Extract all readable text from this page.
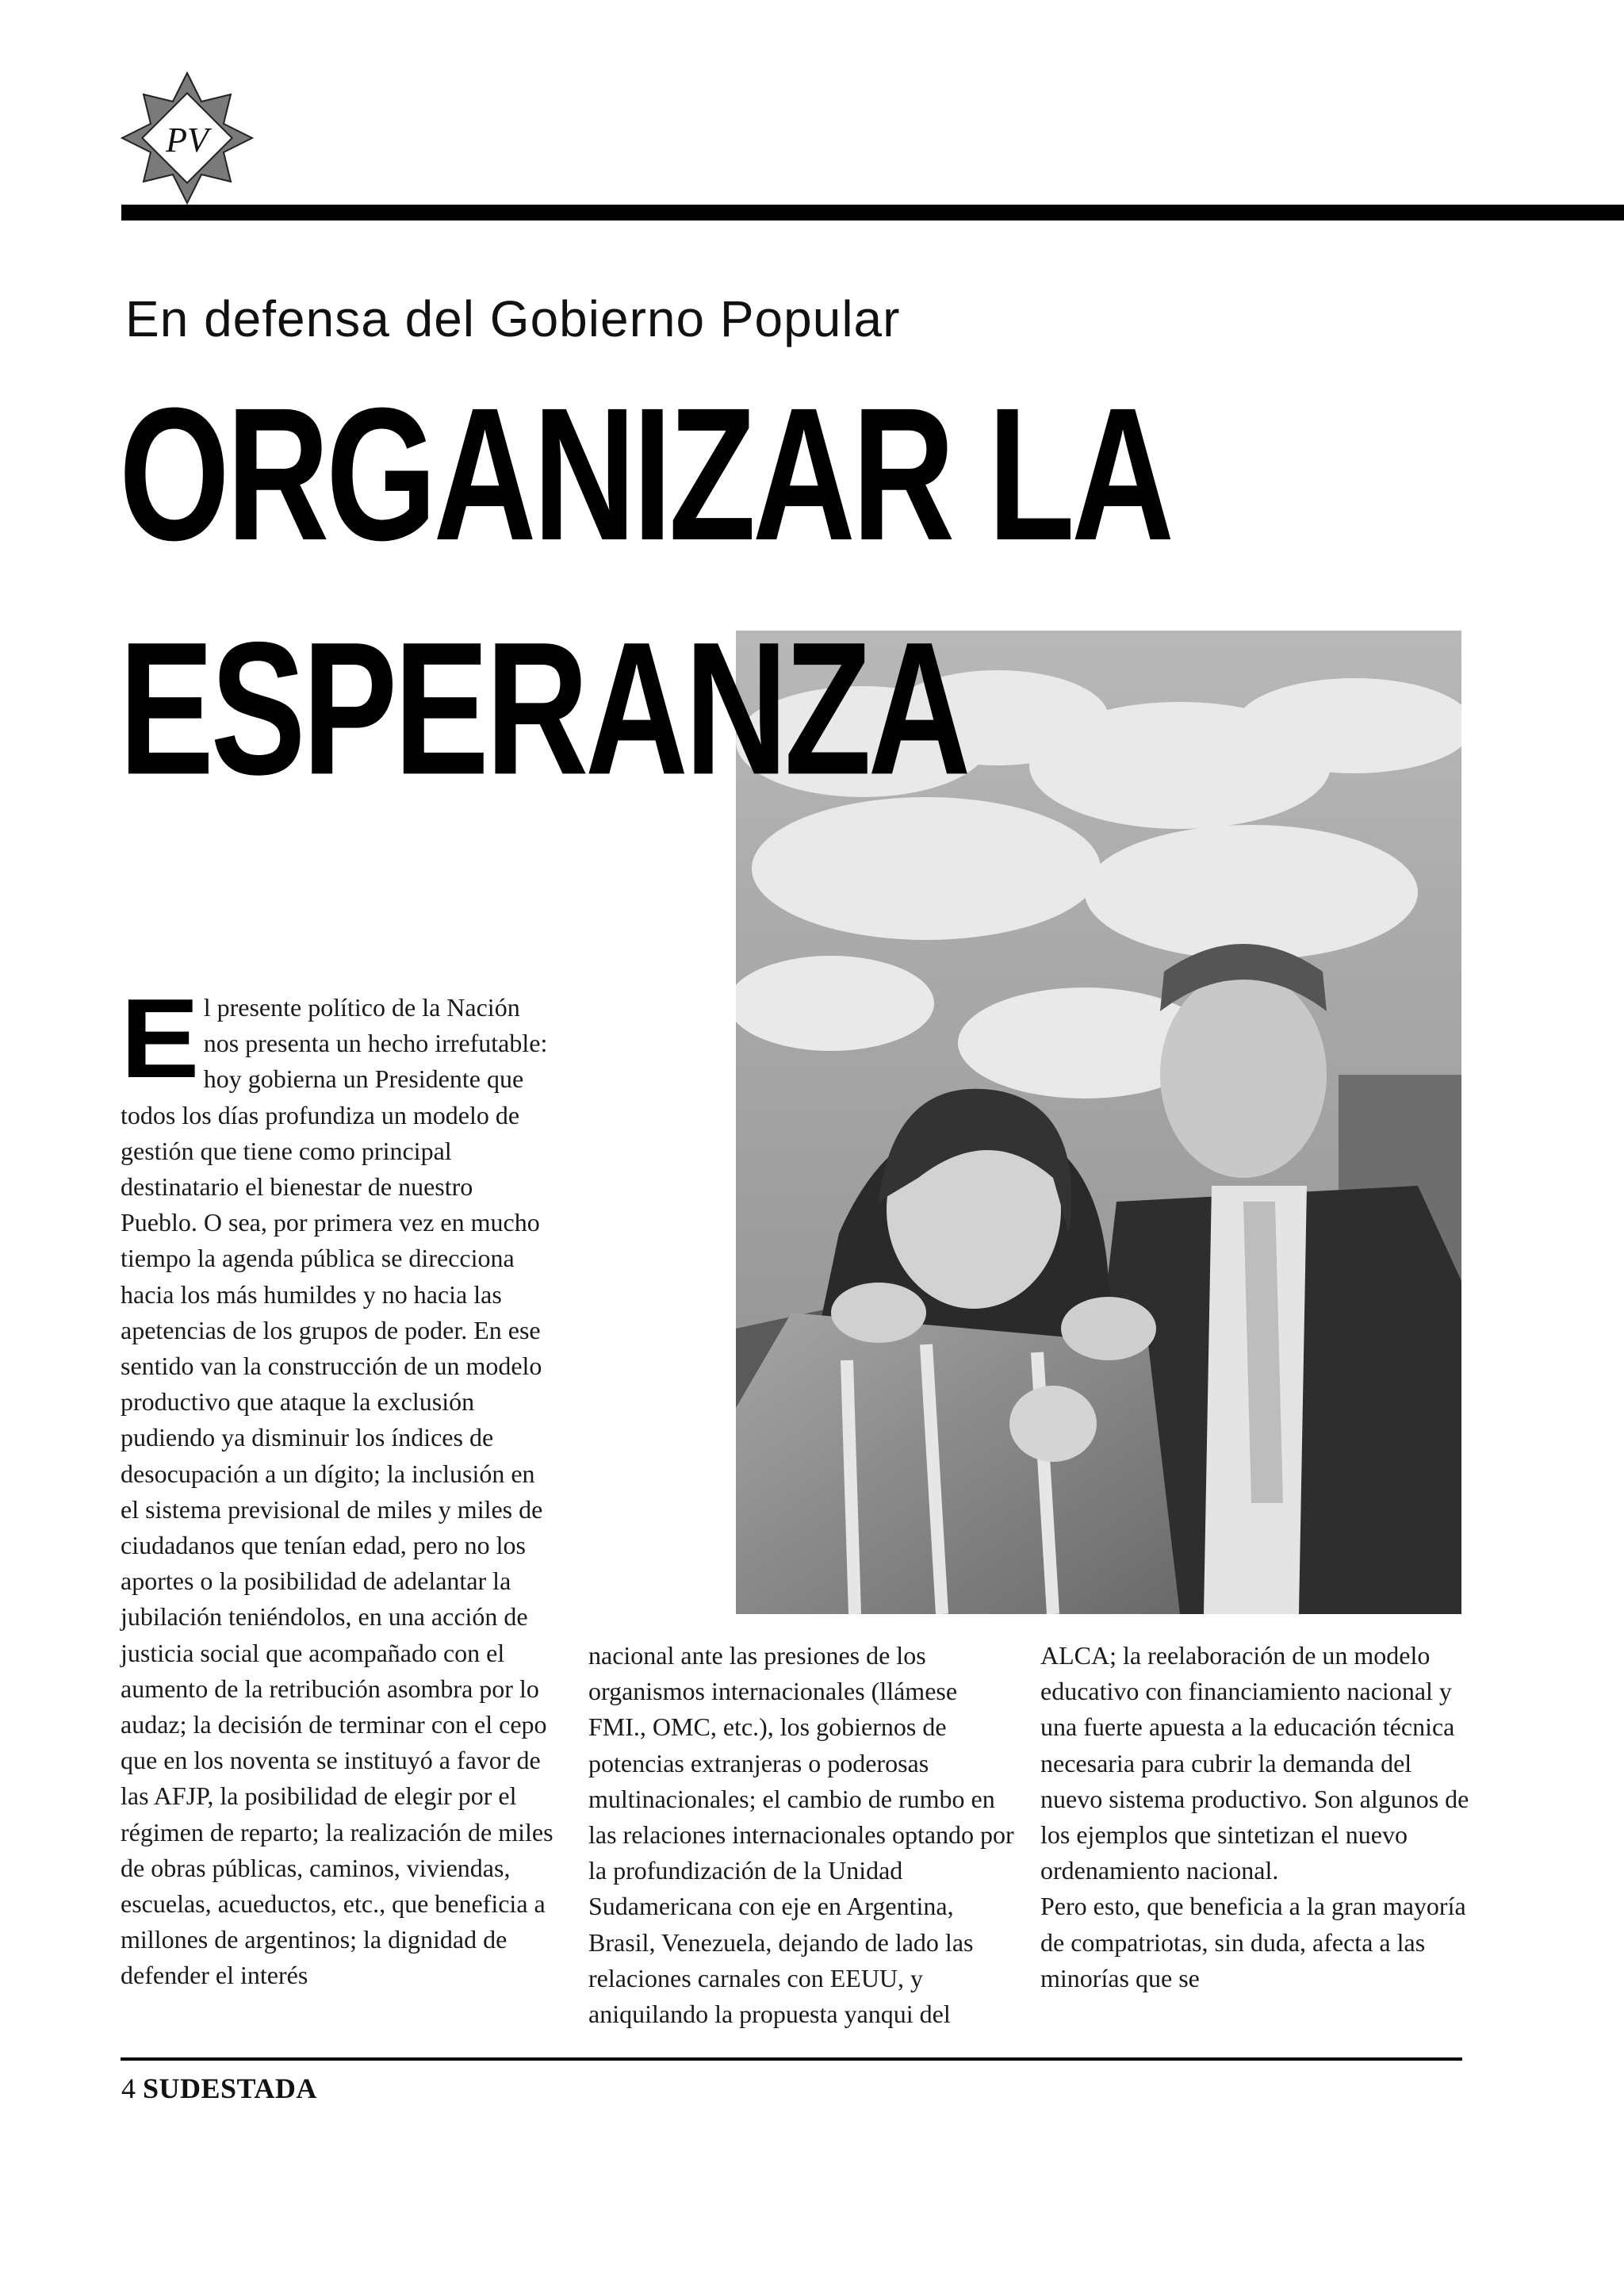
PV
En defensa del Gobierno Popular
ORGANIZAR LA
ESPERANZA

El presente político de la Nación nos presenta un hecho irrefutable: hoy gobierna un Presidente que todos los días profundiza un modelo de gestión que tiene como principal destinatario el bienestar de nuestro Pueblo. O sea, por primera vez en mucho tiempo la agenda pública se direcciona hacia los más humildes y no hacia las apetencias de los grupos de poder. En ese sentido van la construcción de un modelo productivo que ataque la exclusión pudiendo ya disminuir los índices de desocupación a un dígito; la inclusión en el sistema previsional de miles y miles de ciudadanos que tenían edad, pero no los aportes o la posibilidad de adelantar la jubilación teniéndolos, en una acción de justicia social que acompañado con el aumento de la retribución asombra por lo audaz; la decisión de terminar con el cepo que en los noventa se instituyó a favor de las AFJP, la posibilidad de elegir por el régimen de reparto; la realización de miles de obras públicas, caminos, viviendas, escuelas, acueductos, etc., que beneficia a millones de argentinos; la dignidad de defender el interés

nacional ante las presiones de los organismos internacionales (llámese FMI., OMC, etc.), los gobiernos de potencias extranjeras o poderosas multinacionales; el cambio de rumbo en las relaciones internacionales optando por la profundización de la Unidad Sudamericana con eje en Argentina, Brasil, Venezuela, dejando de lado las relaciones carnales con EEUU, y aniquilando la propuesta yanqui del

ALCA; la reelaboración de un modelo educativo con financiamiento nacional y una fuerte apuesta a la educación técnica necesaria para cubrir la demanda del nuevo sistema productivo. Son algunos de los ejemplos que sintetizan el nuevo ordenamiento nacional.

Pero esto, que beneficia a la gran mayoría de compatriotas, sin duda, afecta a las minorías que se

4 SUDESTADA
